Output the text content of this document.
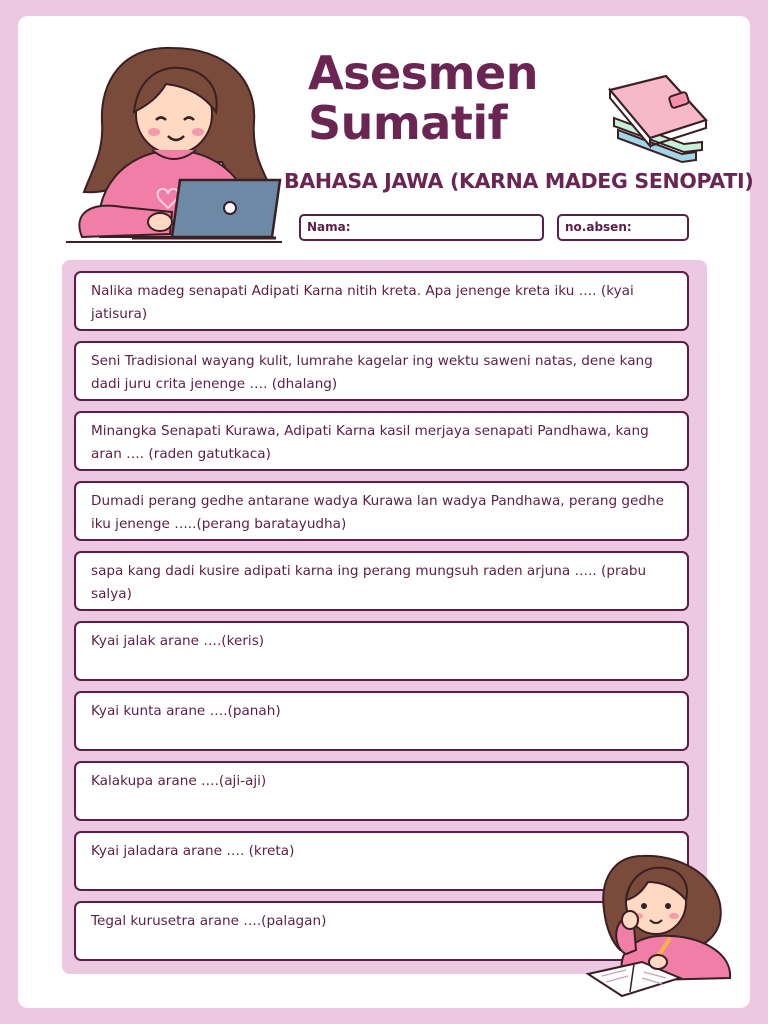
Asesmen
Sumatif
BAHASA JAWA (KARNA MADEG SENOPATI)
Nama:	no.absen:
Nalika madeg senapati Adipati Karna nitih kreta. Apa jenenge kreta iku …. (kyai jatisura)
Seni Tradisional wayang kulit, lumrahe kagelar ing wektu saweni natas, dene kang dadi juru crita jenenge …. (dhalang)
Minangka Senapati Kurawa, Adipati Karna kasil merjaya senapati Pandhawa, kang aran …. (raden gatutkaca)
Dumadi perang gedhe antarane wadya Kurawa lan wadya Pandhawa, perang gedhe iku jenenge …..(perang baratayudha)
sapa kang dadi kusire adipati karna ing perang mungsuh raden arjuna ….. (prabu salya)
Kyai jalak arane ….(keris)
Kyai kunta arane ….(panah)
Kalakupa arane ….(aji-aji)
Kyai jaladara arane …. (kreta)
Tegal kurusetra arane ….(palagan)
